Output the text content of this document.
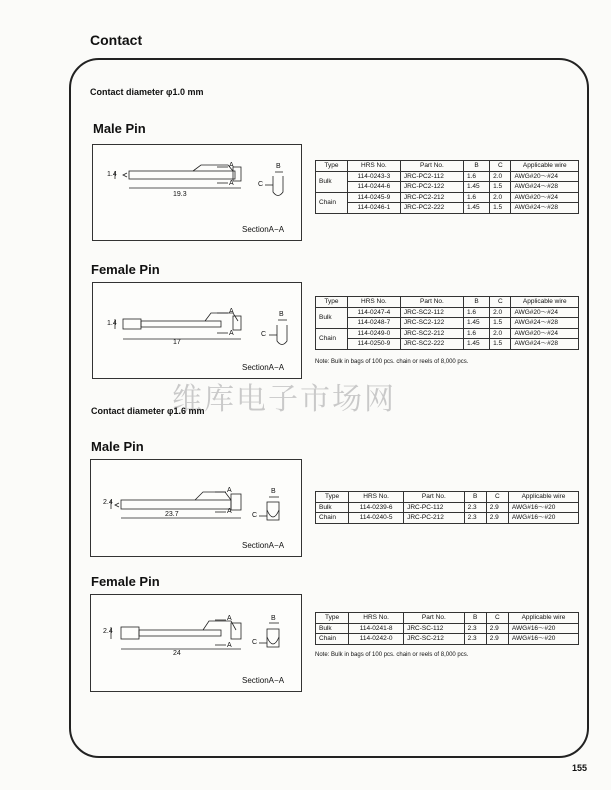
Contact
维库电子市场网
Contact diameter φ1.0 mm
Male Pin
1.4
19.3
A
A
B
C
SectionA−A
Type	HRS No.	Part No.	B	C	Applicable wire
Bulk	114-0243-3	JRC-PC2-112	1.6	2.0	AWG#20～#24
	114-0244-6	JRC-PC2-122	1.45	1.5	AWG#24～#28
Chain	114-0245-9	JRC-PC2-212	1.6	2.0	AWG#20～#24
	114-0246-1	JRC-PC2-222	1.45	1.5	AWG#24～#28
Female Pin
1.4
17
A
A
B
C
SectionA−A
Type	HRS No.	Part No.	B	C	Applicable wire
Bulk	114-0247-4	JRC-SC2-112	1.6	2.0	AWG#20～#24
	114-0248-7	JRC-SC2-122	1.45	1.5	AWG#24～#28
Chain	114-0249-0	JRC-SC2-212	1.6	2.0	AWG#20～#24
	114-0250-9	JRC-SC2-222	1.45	1.5	AWG#24～#28
Note: Bulk in bags of 100 pcs. chain or reels of 8,000 pcs.
Contact diameter φ1.6 mm
Male Pin
2.4
23.7
A
A
B
C
SectionA−A
Type	HRS No.	Part No.	B	C	Applicable wire
Bulk	114-0239-6	JRC-PC-112	2.3	2.9	AWG#16～#20
Chain	114-0240-5	JRC-PC-212	2.3	2.9	AWG#16～#20
Female Pin
2.4
24
A
A
B
C
SectionA−A
Type	HRS No.	Part No.	B	C	Applicable wire
Bulk	114-0241-8	JRC-SC-112	2.3	2.9	AWG#16～#20
Chain	114-0242-0	JRC-SC-212	2.3	2.9	AWG#16～#20
Note: Bulk in bags of 100 pcs. chain or reels of 8,000 pcs.
155
